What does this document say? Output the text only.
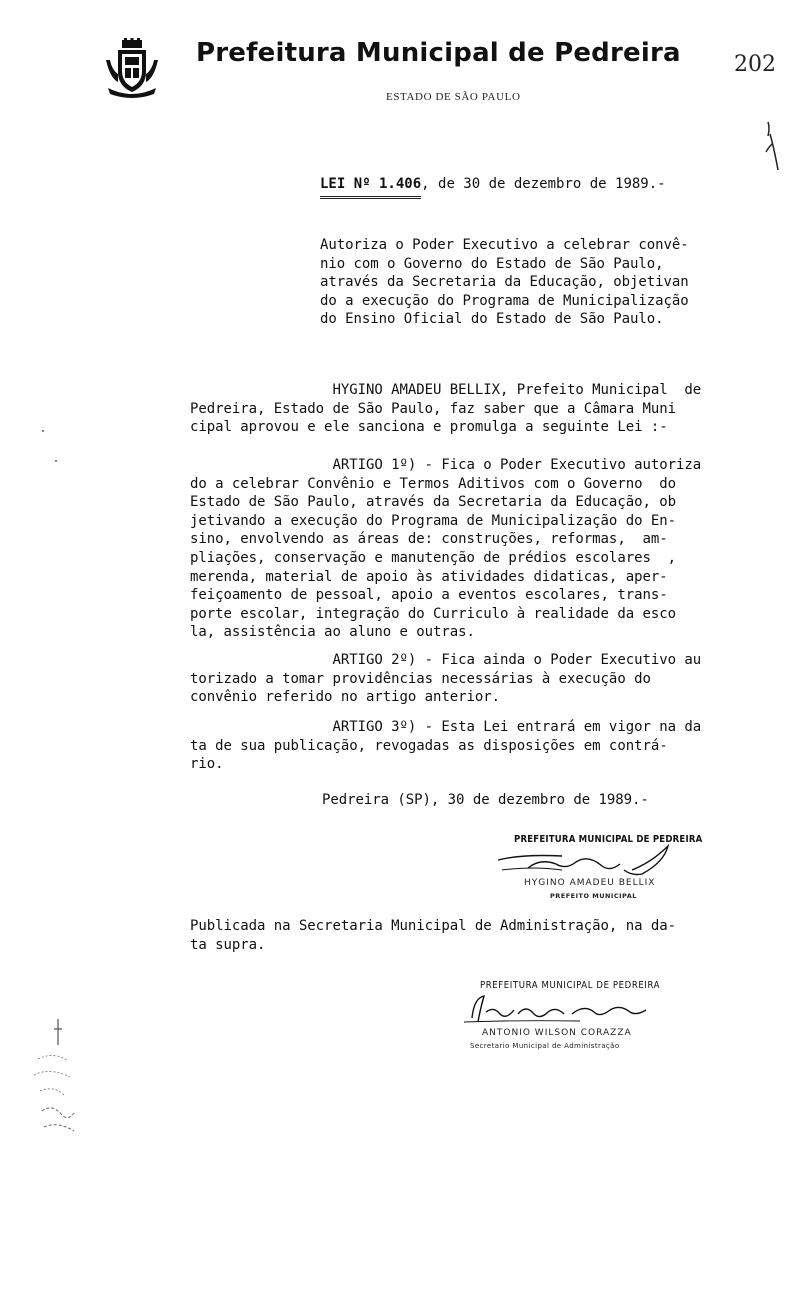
Prefeitura Municipal de Pedreira 202
ESTADO DE SÃO PAULO
LEI Nº 1.406, de 30 de dezembro de 1989.-
Autoriza o Poder Executivo a celebrar convê-
nio com o Governo do Estado de São Paulo,
através da Secretaria da Educação, objetivan
do a execução do Programa de Municipalização
do Ensino Oficial do Estado de São Paulo.
HYGINO AMADEU BELLIX, Prefeito Municipal  de
Pedreira, Estado de São Paulo, faz saber que a Câmara Muni
cipal aprovou e ele sanciona e promulga a seguinte Lei :-
ARTIGO 1º) - Fica o Poder Executivo autoriza
do a celebrar Convênio e Termos Aditivos com o Governo  do
Estado de São Paulo, através da Secretaria da Educação, ob
jetivando a execução do Programa de Municipalização do En-
sino, envolvendo as áreas de: construções, reformas,  am-
pliações, conservação e manutenção de prédios escolares  ,
merenda, material de apoio às atividades didaticas, aper-
feiçoamento de pessoal, apoio a eventos escolares, trans-
porte escolar, integração do Curriculo à realidade da esco
la, assistência ao aluno e outras.
ARTIGO 2º) - Fica ainda o Poder Executivo au
torizado a tomar providências necessárias à execução do
convênio referido no artigo anterior.
ARTIGO 3º) - Esta Lei entrará em vigor na da
ta de sua publicação, revogadas as disposições em contrá-
rio.
Pedreira (SP), 30 de dezembro de 1989.-
PREFEITURA MUNICIPAL DE PEDREIRA
HYGINO AMADEU BELLIX
PREFEITO MUNICIPAL
Publicada na Secretaria Municipal de Administração, na da-
ta supra.
PREFEITURA MUNICIPAL DE PEDREIRA
ANTONIO WILSON CORAZZA
Secretario Municipal de Administração
